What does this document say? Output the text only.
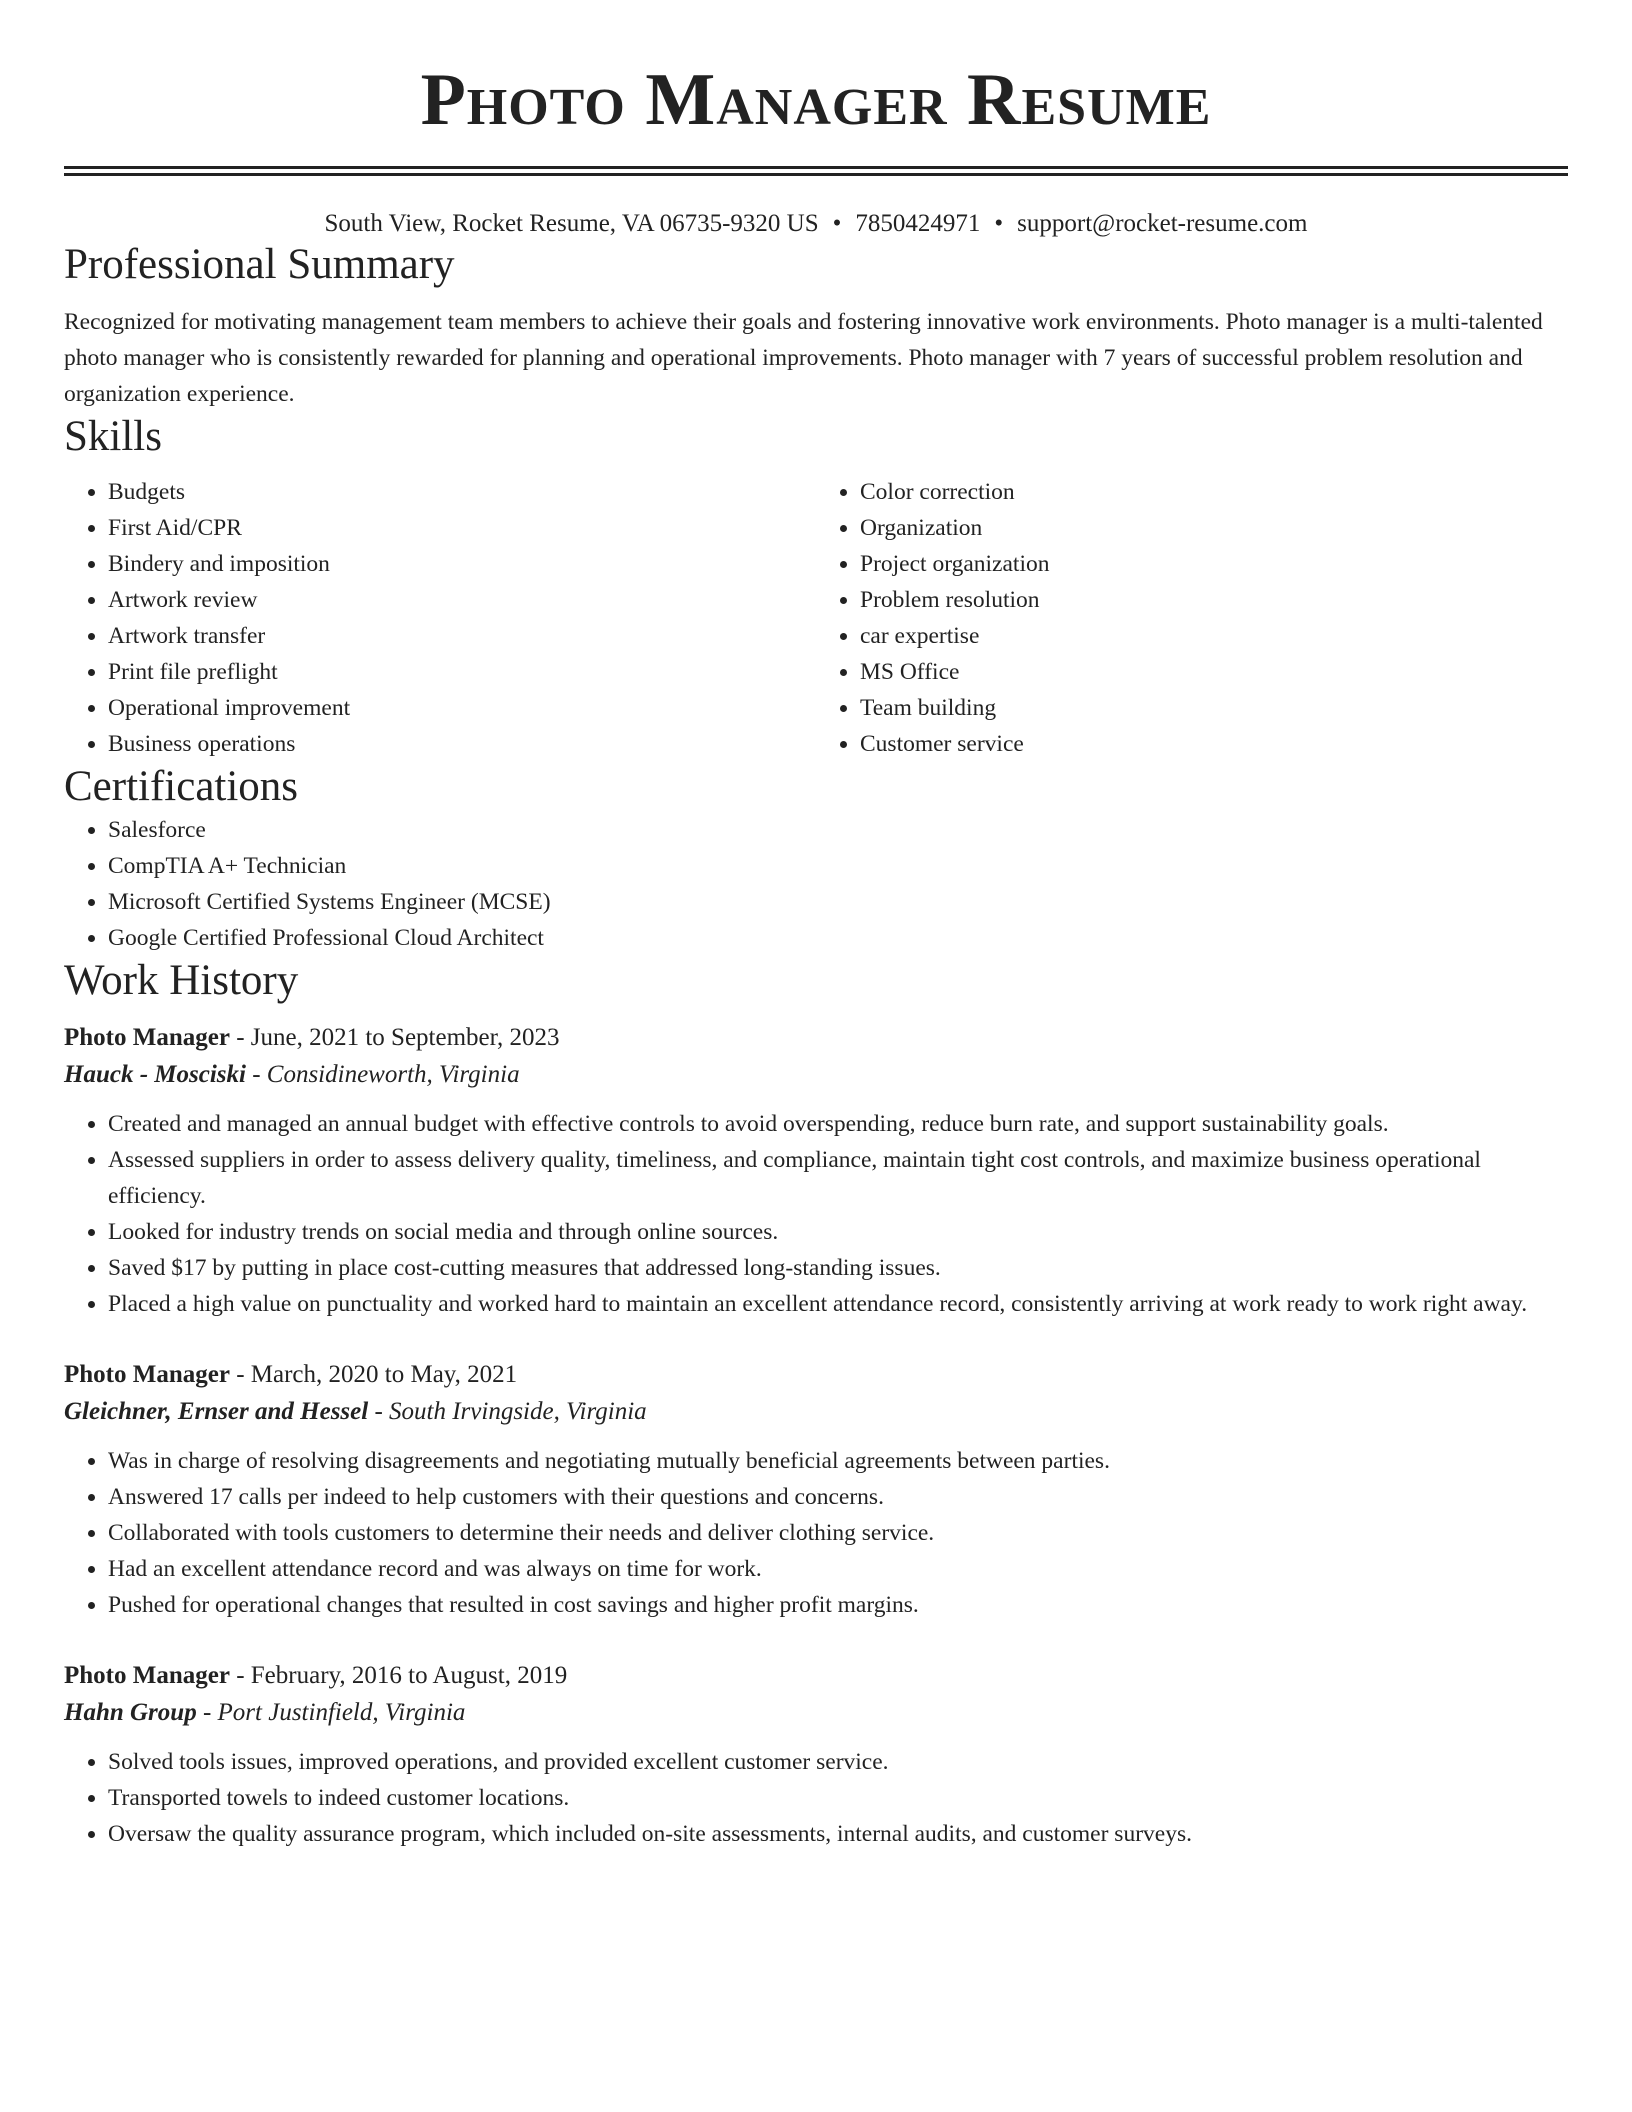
Photo Manager Resume
South View, Rocket Resume, VA 06735-9320 US • 7850424971 • support@rocket-resume.com
Professional Summary

Recognized for motivating management team members to achieve their goals and fostering innovative work environments. Photo manager is a multi-talented photo manager who is consistently rewarded for planning and operational improvements. Photo manager with 7 years of successful problem resolution and organization experience.

Skills
• Budgets
• First Aid/CPR
• Bindery and imposition
• Artwork review
• Artwork transfer
• Print file preflight
• Operational improvement
• Business operations
• Color correction
• Organization
• Project organization
• Problem resolution
• car expertise
• MS Office
• Team building
• Customer service
Certifications
• Salesforce
• CompTIA A+ Technician
• Microsoft Certified Systems Engineer (MCSE)
• Google Certified Professional Cloud Architect
Work History
Photo Manager - June, 2021 to September, 2023
Hauck - Mosciski - Considineworth, Virginia
• Created and managed an annual budget with effective controls to avoid overspending, reduce burn rate, and support sustainability goals.
• Assessed suppliers in order to assess delivery quality, timeliness, and compliance, maintain tight cost controls, and maximize business operational efficiency.
• Looked for industry trends on social media and through online sources.
• Saved $17 by putting in place cost-cutting measures that addressed long-standing issues.
• Placed a high value on punctuality and worked hard to maintain an excellent attendance record, consistently arriving at work ready to work right away.
Photo Manager - March, 2020 to May, 2021
Gleichner, Ernser and Hessel - South Irvingside, Virginia
• Was in charge of resolving disagreements and negotiating mutually beneficial agreements between parties.
• Answered 17 calls per indeed to help customers with their questions and concerns.
• Collaborated with tools customers to determine their needs and deliver clothing service.
• Had an excellent attendance record and was always on time for work.
• Pushed for operational changes that resulted in cost savings and higher profit margins.
Photo Manager - February, 2016 to August, 2019
Hahn Group - Port Justinfield, Virginia
• Solved tools issues, improved operations, and provided excellent customer service.
• Transported towels to indeed customer locations.
• Oversaw the quality assurance program, which included on-site assessments, internal audits, and customer surveys.
